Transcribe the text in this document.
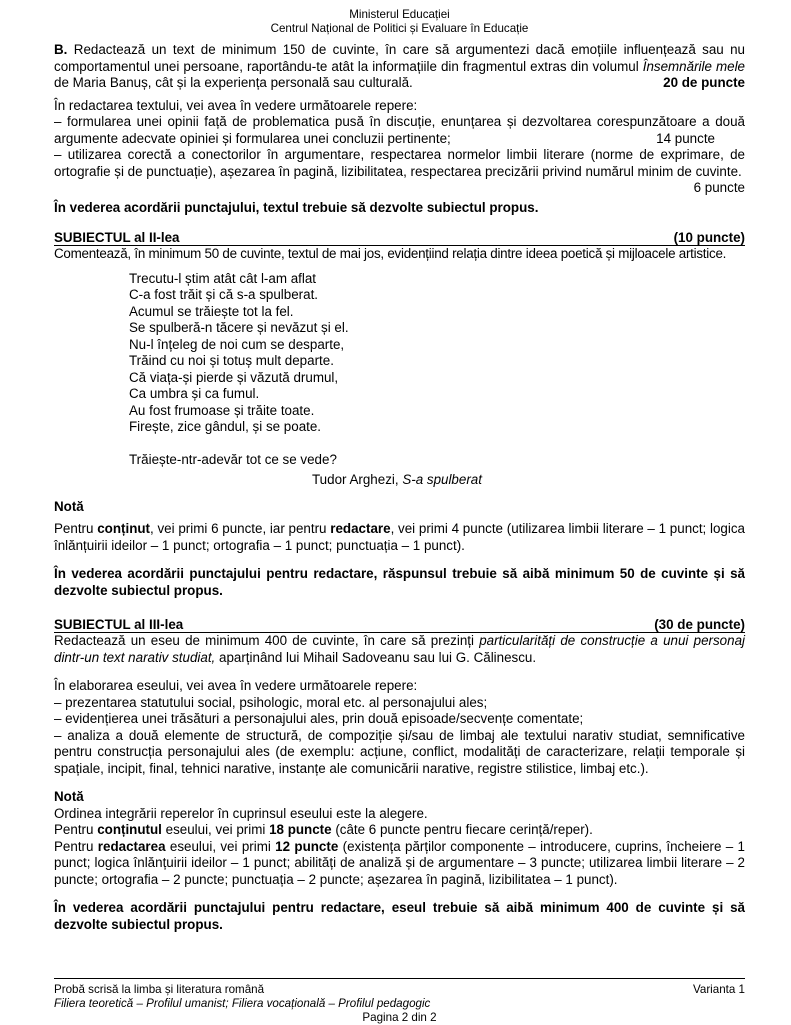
Ministerul Educației
Centrul Național de Politici și Evaluare în Educație

B. Redactează un text de minimum 150 de cuvinte, în care să argumentezi dacă emoțiile influențează sau nu comportamentul unei persoane, raportându-te atât la informațiile din fragmentul extras din volumul Însemnările mele de Maria Banuș, cât și la experiența personală sau culturală.	20 de puncte

În redactarea textului, vei avea în vedere următoarele repere:

– formularea unei opinii față de problematica pusă în discuție, enunțarea și dezvoltarea corespunzătoare a două argumente adecvate opiniei și formularea unei concluzii pertinente;	14 puncte

– utilizarea corectă a conectorilor în argumentare, respectarea normelor limbii literare (norme de exprimare, de ortografie și de punctuație), așezarea în pagină, lizibilitatea, respectarea precizării privind numărul minim de cuvinte.

6 puncte

În vederea acordării punctajului, textul trebuie să dezvolte subiectul propus.

SUBIECTUL al II-lea	(10 puncte)

Comentează, în minimum 50 de cuvinte, textul de mai jos, evidențiind relația dintre ideea poetică și mijloacele artistice.

Trecutu-l știm atât cât l-am aflat
C-a fost trăit și că s-a spulberat.
Acumul se trăiește tot la fel.
Se spulberă-n tăcere și nevăzut și el.
Nu-l înțeleg de noi cum se desparte,
Trăind cu noi și totuș mult departe.
Că viața-și pierde și văzută drumul,
Ca umbra și ca fumul.
Au fost frumoase și trăite toate.
Firește, zice gândul, și se poate.
Trăiește-ntr-adevăr tot ce se vede?
Tudor Arghezi, S-a spulberat
Notă

Pentru conținut, vei primi 6 puncte, iar pentru redactare, vei primi 4 puncte (utilizarea limbii literare – 1 punct; logica înlănțuirii ideilor – 1 punct; ortografia – 1 punct; punctuația – 1 punct).

În vederea acordării punctajului pentru redactare, răspunsul trebuie să aibă minimum 50 de cuvinte și să dezvolte subiectul propus.

SUBIECTUL al III-lea	(30 de puncte)

Redactează un eseu de minimum 400 de cuvinte, în care să prezinți particularități de construcție a unui personaj dintr-un text narativ studiat, aparținând lui Mihail Sadoveanu sau lui G. Călinescu.

În elaborarea eseului, vei avea în vedere următoarele repere:

– prezentarea statutului social, psihologic, moral etc. al personajului ales;

– evidențierea unei trăsături a personajului ales, prin două episoade/secvențe comentate;

– analiza a două elemente de structură, de compoziție și/sau de limbaj ale textului narativ studiat, semnificative pentru construcția personajului ales (de exemplu: acțiune, conflict, modalități de caracterizare, relații temporale și spațiale, incipit, final, tehnici narative, instanțe ale comunicării narative, registre stilistice, limbaj etc.).

Notă

Ordinea integrării reperelor în cuprinsul eseului este la alegere.

Pentru conținutul eseului, vei primi 18 puncte (câte 6 puncte pentru fiecare cerință/reper).

Pentru redactarea eseului, vei primi 12 puncte (existența părților componente – introducere, cuprins, încheiere – 1 punct; logica înlănțuirii ideilor – 1 punct; abilități de analiză și de argumentare – 3 puncte; utilizarea limbii literare – 2 puncte; ortografia – 2 puncte; punctuația – 2 puncte; așezarea în pagină, lizibilitatea – 1 punct).

În vederea acordării punctajului pentru redactare, eseul trebuie să aibă minimum 400 de cuvinte și să dezvolte subiectul propus.

Probă scrisă la limba și literatura română	Varianta 1
Filiera teoretică – Profilul umanist; Filiera vocațională – Profilul pedagogic
Pagina 2 din 2
